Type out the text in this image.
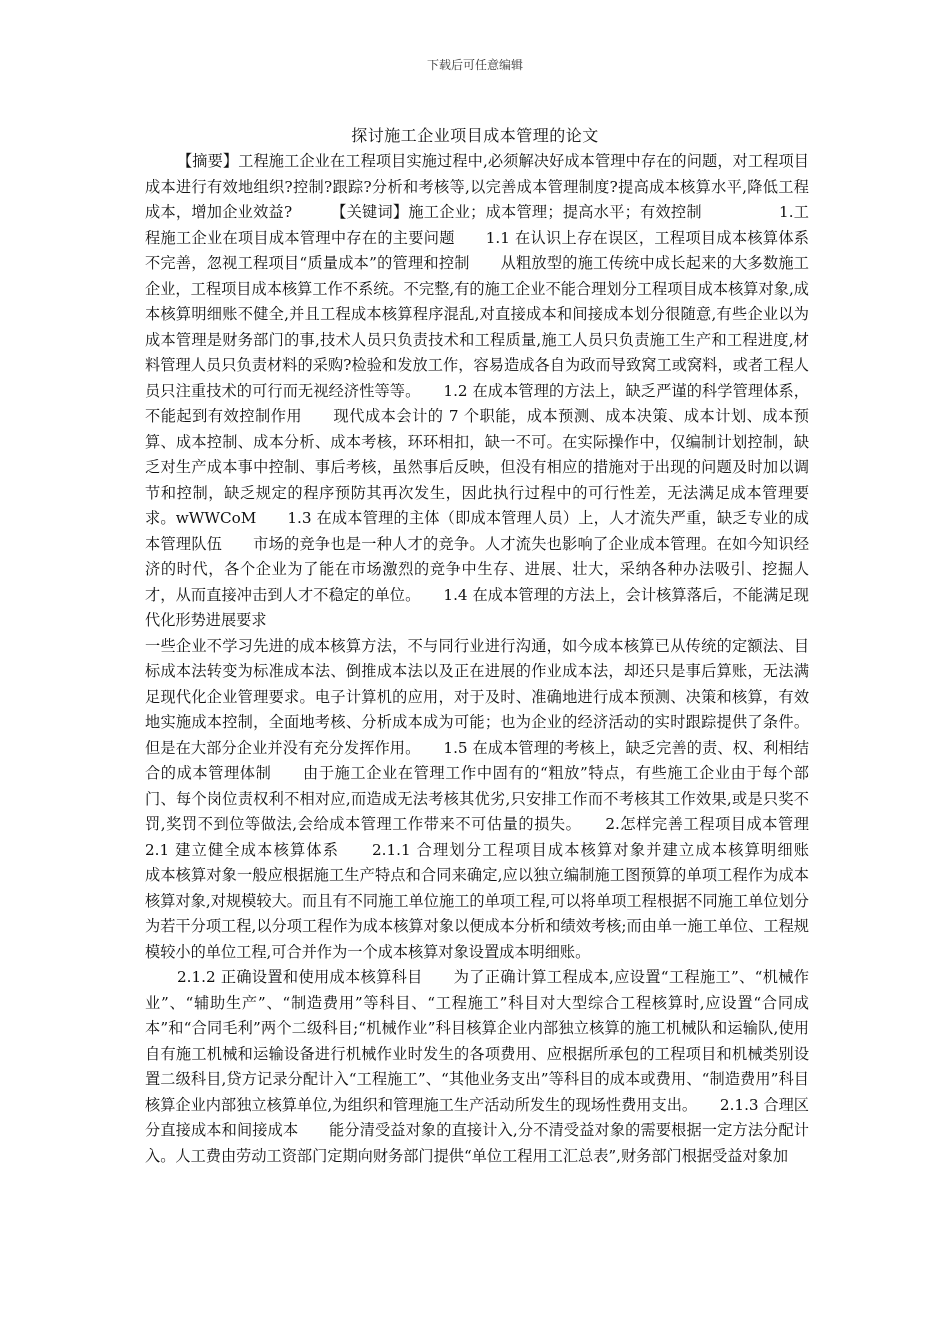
下载后可任意编辑
探讨施工企业项目成本管理的论文

【摘要】工程施工企业在工程项目实施过程中,必须解决好成本管理中存在的问题，对工程项目成本进行有效地组织?控制?跟踪?分析和考核等,以完善成本管理制度?提高成本核算水平,降低工程成本，增加企业效益?　　　【关键词】施工企业；成本管理；提高水平；有效控制　　　　　1.工程施工企业在项目成本管理中存在的主要问题　　1.1 在认识上存在误区，工程项目成本核算体系不完善，忽视工程项目“质量成本”的管理和控制　　从粗放型的施工传统中成长起来的大多数施工企业，工程项目成本核算工作不系统。不完整,有的施工企业不能合理划分工程项目成本核算对象,成本核算明细账不健全,并且工程成本核算程序混乱,对直接成本和间接成本划分很随意,有些企业以为成本管理是财务部门的事,技术人员只负责技术和工程质量,施工人员只负责施工生产和工程进度,材料管理人员只负责材料的采购?检验和发放工作，容易造成各自为政而导致窝工或窝料，或者工程人员只注重技术的可行而无视经济性等等。　　1.2 在成本管理的方法上，缺乏严谨的科学管理体系，不能起到有效控制作用　　现代成本会计的 7 个职能，成本预测、成本决策、成本计划、成本预算、成本控制、成本分析、成本考核，环环相扣，缺一不可。在实际操作中，仅编制计划控制，缺乏对生产成本事中控制、事后考核，虽然事后反映，但没有相应的措施对于出现的问题及时加以调节和控制，缺乏规定的程序预防其再次发生，因此执行过程中的可行性差，无法满足成本管理要求。wWWCoM　　1.3 在成本管理的主体（即成本管理人员）上，人才流失严重，缺乏专业的成本管理队伍　　市场的竞争也是一种人才的竞争。人才流失也影响了企业成本管理。在如今知识经济的时代，各个企业为了能在市场激烈的竞争中生存、进展、壮大，采纳各种办法吸引、挖掘人才，从而直接冲击到人才不稳定的单位。　　1.4 在成本管理的方法上，会计核算落后，不能满足现代化形势进展要求

一些企业不学习先进的成本核算方法，不与同行业进行沟通，如今成本核算已从传统的定额法、目标成本法转变为标准成本法、倒推成本法以及正在进展的作业成本法，却还只是事后算账，无法满足现代化企业管理要求。电子计算机的应用，对于及时、准确地进行成本预测、决策和核算，有效地实施成本控制，全面地考核、分析成本成为可能；也为企业的经济活动的实时跟踪提供了条件。但是在大部分企业并没有充分发挥作用。　　1.5 在成本管理的考核上，缺乏完善的责、权、利相结合的成本管理体制　　由于施工企业在管理工作中固有的“粗放”特点，有些施工企业由于每个部门、每个岗位责权利不相对应,而造成无法考核其优劣,只安排工作而不考核其工作效果,或是只奖不罚,奖罚不到位等做法,会给成本管理工作带来不可估量的损失。　　2.怎样完善工程项目成本管理　　2.1 建立健全成本核算体系　　2.1.1 合理划分工程项目成本核算对象并建立成本核算明细账　　成本核算对象一般应根据施工生产特点和合同来确定,应以独立编制施工图预算的单项工程作为成本核算对象,对规模较大。而且有不同施工单位施工的单项工程,可以将单项工程根据不同施工单位划分为若干分项工程,以分项工程作为成本核算对象以便成本分析和绩效考核;而由单一施工单位、工程规模较小的单位工程,可合并作为一个成本核算对象设置成本明细账。

2.1.2 正确设置和使用成本核算科目　　为了正确计算工程成本,应设置“工程施工”、“机械作业”、“辅助生产”、“制造费用”等科目、“工程施工”科目对大型综合工程核算时,应设置“合同成本”和“合同毛利”两个二级科目;“机械作业”科目核算企业内部独立核算的施工机械队和运输队,使用自有施工机械和运输设备进行机械作业时发生的各项费用、应根据所承包的工程项目和机械类别设置二级科目,贷方记录分配计入“工程施工”、“其他业务支出”等科目的成本或费用、“制造费用”科目核算企业内部独立核算单位,为组织和管理施工生产活动所发生的现场性费用支出。　　2.1.3 合理区分直接成本和间接成本　　能分清受益对象的直接计入,分不清受益对象的需要根据一定方法分配计入。人工费由劳动工资部门定期向财务部门提供“单位工程用工汇总表”,财务部门根据受益对象加
